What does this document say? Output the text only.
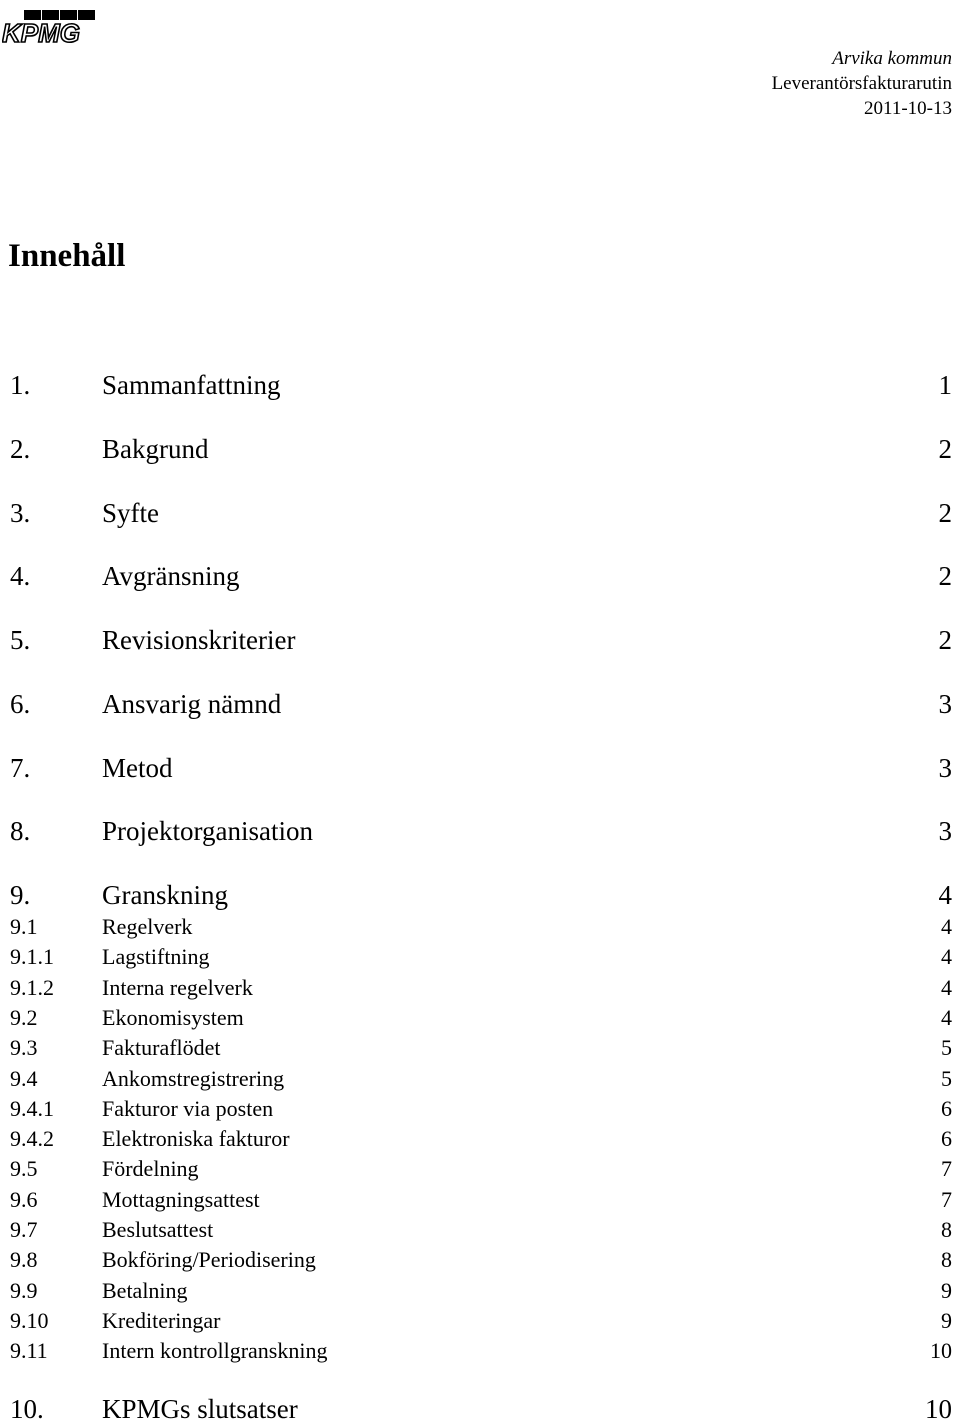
KPMG
Arvika kommun
Leverantörsfakturarutin
2011-10-13
Innehåll
1.	Sammanfattning	1
2.	Bakgrund	2
3.	Syfte	2
4.	Avgränsning	2
5.	Revisionskriterier	2
6.	Ansvarig nämnd	3
7.	Metod	3
8.	Projektorganisation	3
9.	Granskning	4
9.1	Regelverk	4
9.1.1 Lagstiftning	4
9.1.2 Interna regelverk	4
9.2	Ekonomisystem	4
9.3	Fakturaflödet	5
9.4	Ankomstregistrering	5
9.4.1 Fakturor via posten	6
9.4.2 Elektroniska fakturor	6
9.5	Fördelning	7
9.6	Mottagningsattest	7
9.7	Beslutsattest	8
9.8	Bokföring/Periodisering	8
9.9	Betalning	9
9.10 Krediteringar	9
9.11 Intern kontrollgranskning	10
10. KPMGs slutsatser	10
